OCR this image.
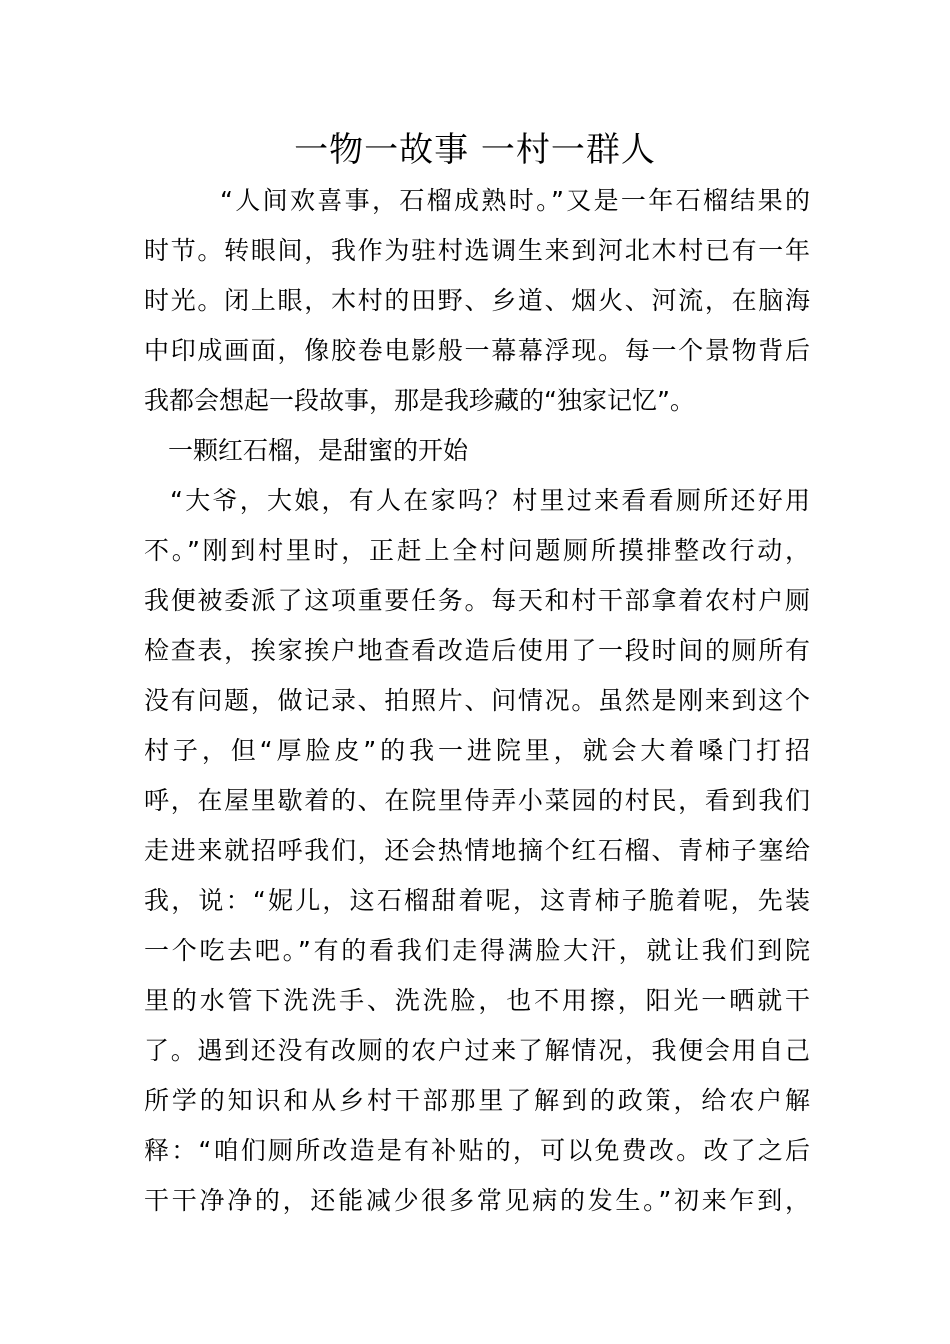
一物一故事 一村一群人
“人间欢喜事，石榴成熟时。”又是一年石榴结果的
时节。转眼间，我作为驻村选调生来到河北木村已有一年
时光。闭上眼，木村的田野、乡道、烟火、河流，在脑海
中印成画面，像胶卷电影般一幕幕浮现。每一个景物背后
我都会想起一段故事，那是我珍藏的“独家记忆”。
一颗红石榴，是甜蜜的开始
“大爷，大娘，有人在家吗？村里过来看看厕所还好用
不。”刚到村里时，正赶上全村问题厕所摸排整改行动，
我便被委派了这项重要任务。每天和村干部拿着农村户厕
检查表，挨家挨户地查看改造后使用了一段时间的厕所有
没有问题，做记录、拍照片、问情况。虽然是刚来到这个
村子，但“厚脸皮”的我一进院里，就会大着嗓门打招
呼，在屋里歇着的、在院里侍弄小菜园的村民，看到我们
走进来就招呼我们，还会热情地摘个红石榴、青柿子塞给
我，说：“妮儿，这石榴甜着呢，这青柿子脆着呢，先装
一个吃去吧。”有的看我们走得满脸大汗，就让我们到院
里的水管下洗洗手、洗洗脸，也不用擦，阳光一晒就干
了。遇到还没有改厕的农户过来了解情况，我便会用自己
所学的知识和从乡村干部那里了解到的政策，给农户解
释：“咱们厕所改造是有补贴的，可以免费改。改了之后
干干净净的，还能减少很多常见病的发生。”初来乍到，
